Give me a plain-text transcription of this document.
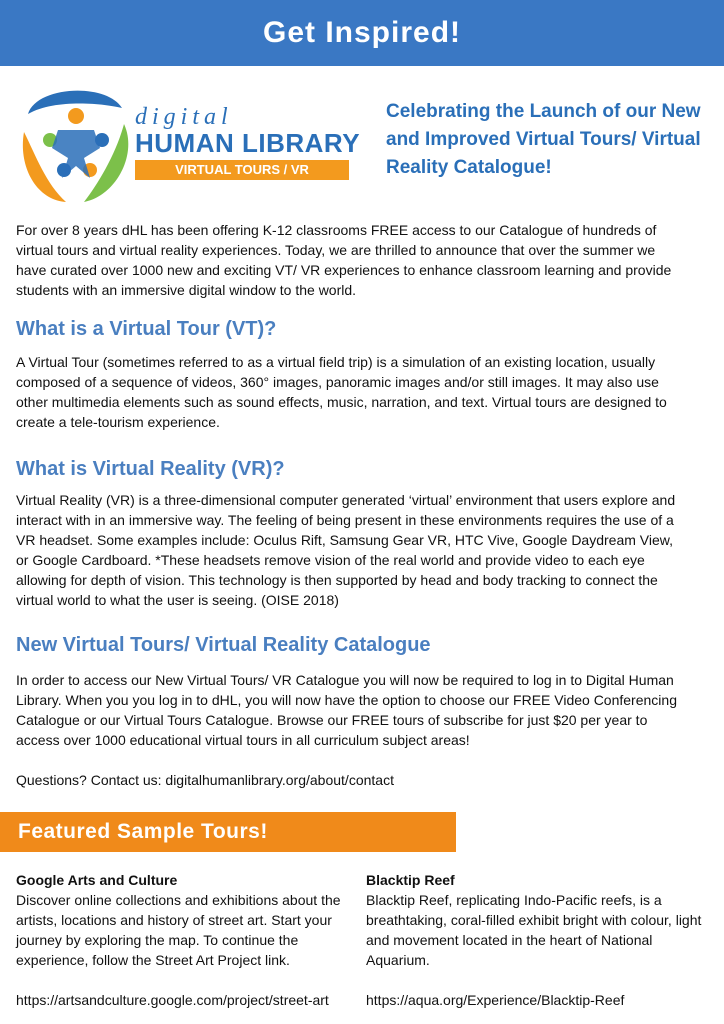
Get Inspired!
digital
HUMAN LIBRARY
VIRTUAL TOURS / VR CATALOGUE
Celebrating the Launch of our New and Improved Virtual Tours/ Virtual Reality Catalogue!
For over 8 years dHL has been offering K-12 classrooms FREE access to our Catalogue of hundreds of virtual tours and virtual reality experiences. Today, we are thrilled to announce that over the summer we have curated over 1000 new and exciting VT/ VR experiences to enhance classroom learning and provide students with an immersive digital window to the world.
What is a Virtual Tour (VT)?
A Virtual Tour (sometimes referred to as a virtual field trip) is a simulation of an existing location, usually composed of a sequence of videos, 360° images, panoramic images and/or still images. It may also use other multimedia elements such as sound effects, music, narration, and text. Virtual tours are designed to create a tele-tourism experience.
What is Virtual Reality (VR)?
Virtual Reality (VR) is a three-dimensional computer generated ‘virtual’ environment that users explore and interact with in an immersive way. The feeling of being present in these environments requires the use of a VR headset. Some examples include: Oculus Rift, Samsung Gear VR, HTC Vive, Google Daydream View, or Google Cardboard. *These headsets remove vision of the real world and provide video to each eye allowing for depth of vision. This technology is then supported by head and body tracking to connect the virtual world to what the user is seeing. (OISE 2018)
New Virtual Tours/ Virtual Reality Catalogue
In order to access our New Virtual Tours/ VR Catalogue you will now be required to log in to Digital Human Library. When you you log in to dHL, you will now have the option to choose our FREE Video Conferencing Catalogue or our Virtual Tours Catalogue. Browse our FREE tours of subscribe for just $20 per year to access over 1000 educational virtual tours in all curriculum subject areas!
Questions? Contact us: digitalhumanlibrary.org/about/contact
Featured Sample Tours!
Google Arts and Culture
Discover online collections and exhibitions about the artists, locations and history of street art. Start your journey by exploring the map. To continue the experience, follow the Street Art Project link.
https://artsandculture.google.com/project/street-art
Blacktip Reef
Blacktip Reef, replicating Indo-Pacific reefs, is a breathtaking, coral-filled exhibit bright with colour, light and movement located in the heart of National Aquarium.
https://aqua.org/Experience/Blacktip-Reef
